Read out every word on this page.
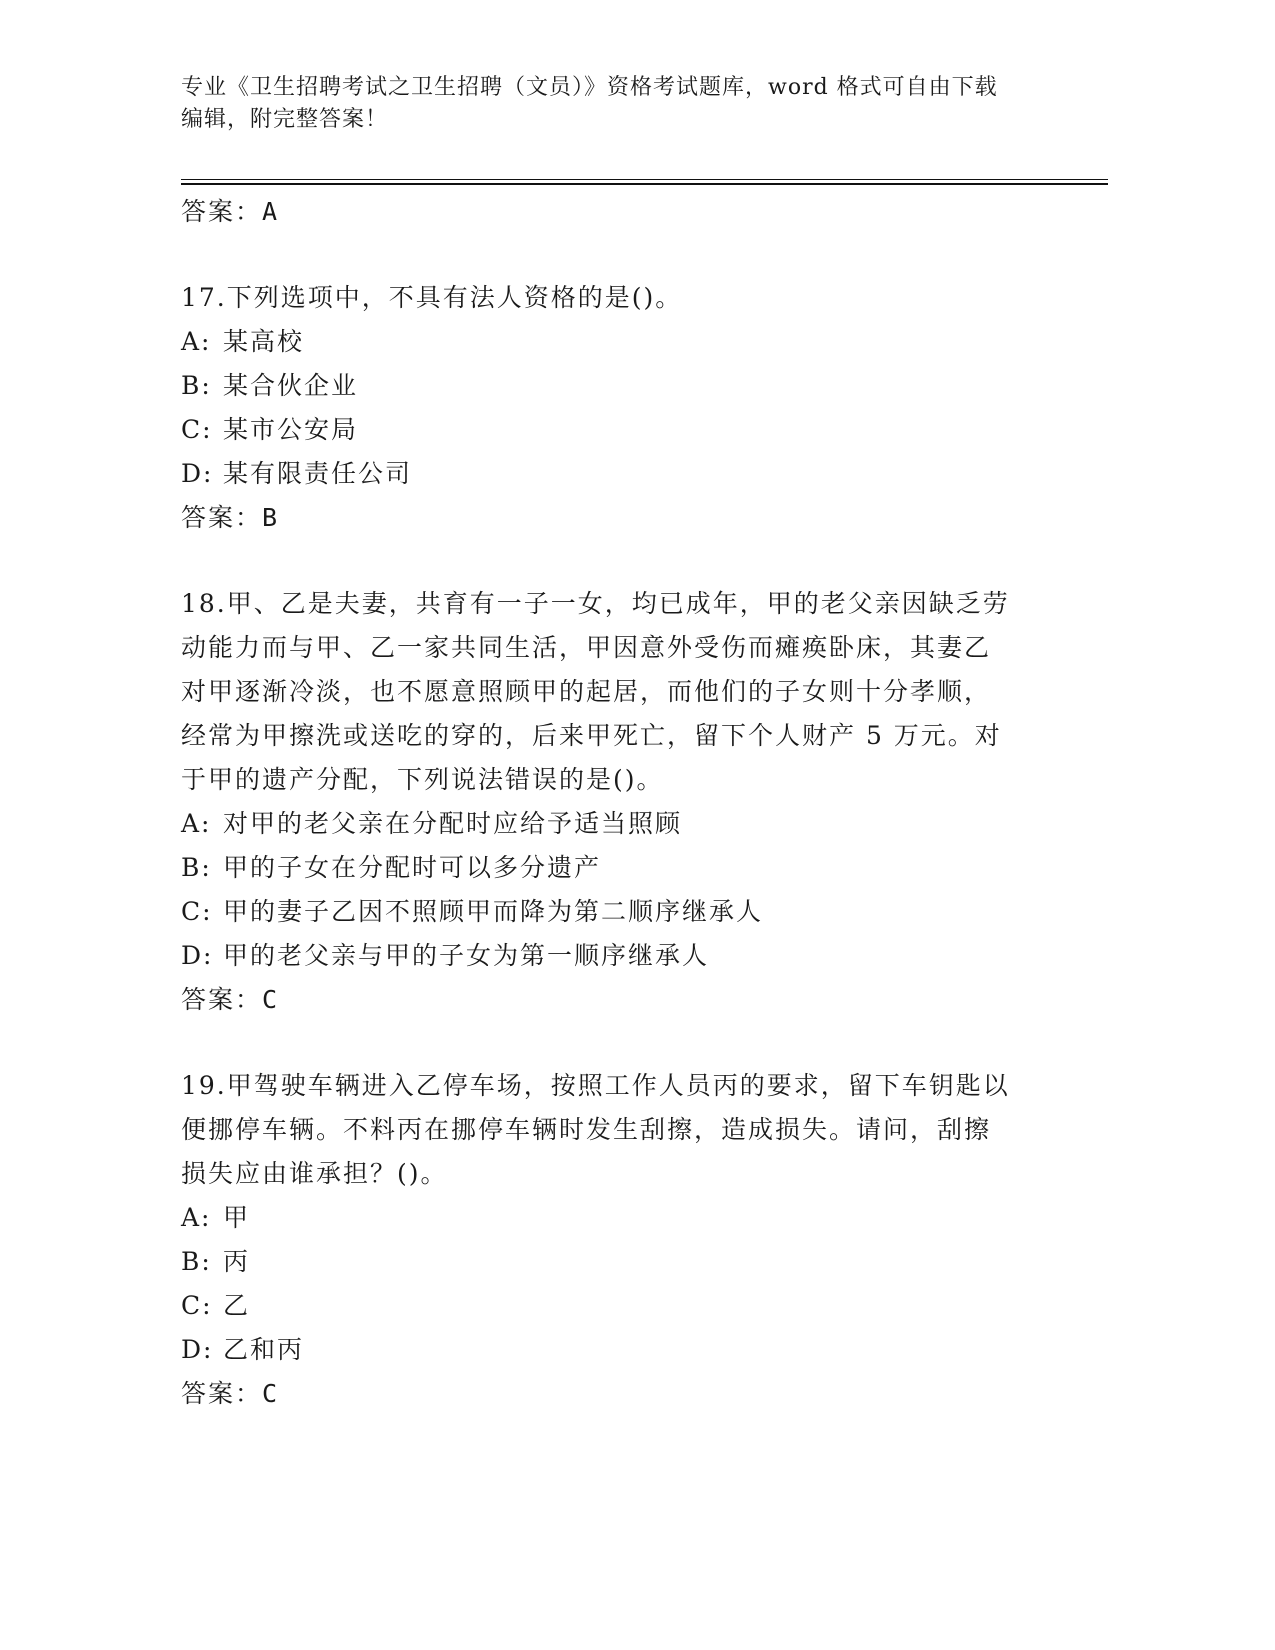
专业《卫生招聘考试之卫生招聘（文员）》资格考试题库，word 格式可自由下载
编辑，附完整答案！
答案：A
17.下列选项中，不具有法人资格的是()。
A: 某高校
B: 某合伙企业
C: 某市公安局
D: 某有限责任公司
答案：B
18.甲、乙是夫妻，共育有一子一女，均已成年，甲的老父亲因缺乏劳
动能力而与甲、乙一家共同生活，甲因意外受伤而瘫痪卧床，其妻乙
对甲逐渐冷淡，也不愿意照顾甲的起居，而他们的子女则十分孝顺，
经常为甲擦洗或送吃的穿的，后来甲死亡，留下个人财产 5 万元。对
于甲的遗产分配，下列说法错误的是()。
A: 对甲的老父亲在分配时应给予适当照顾
B: 甲的子女在分配时可以多分遗产
C: 甲的妻子乙因不照顾甲而降为第二顺序继承人
D: 甲的老父亲与甲的子女为第一顺序继承人
答案：C
19.甲驾驶车辆进入乙停车场，按照工作人员丙的要求，留下车钥匙以
便挪停车辆。不料丙在挪停车辆时发生刮擦，造成损失。请问，刮擦
损失应由谁承担？()。
A: 甲
B: 丙
C: 乙
D: 乙和丙
答案：C
